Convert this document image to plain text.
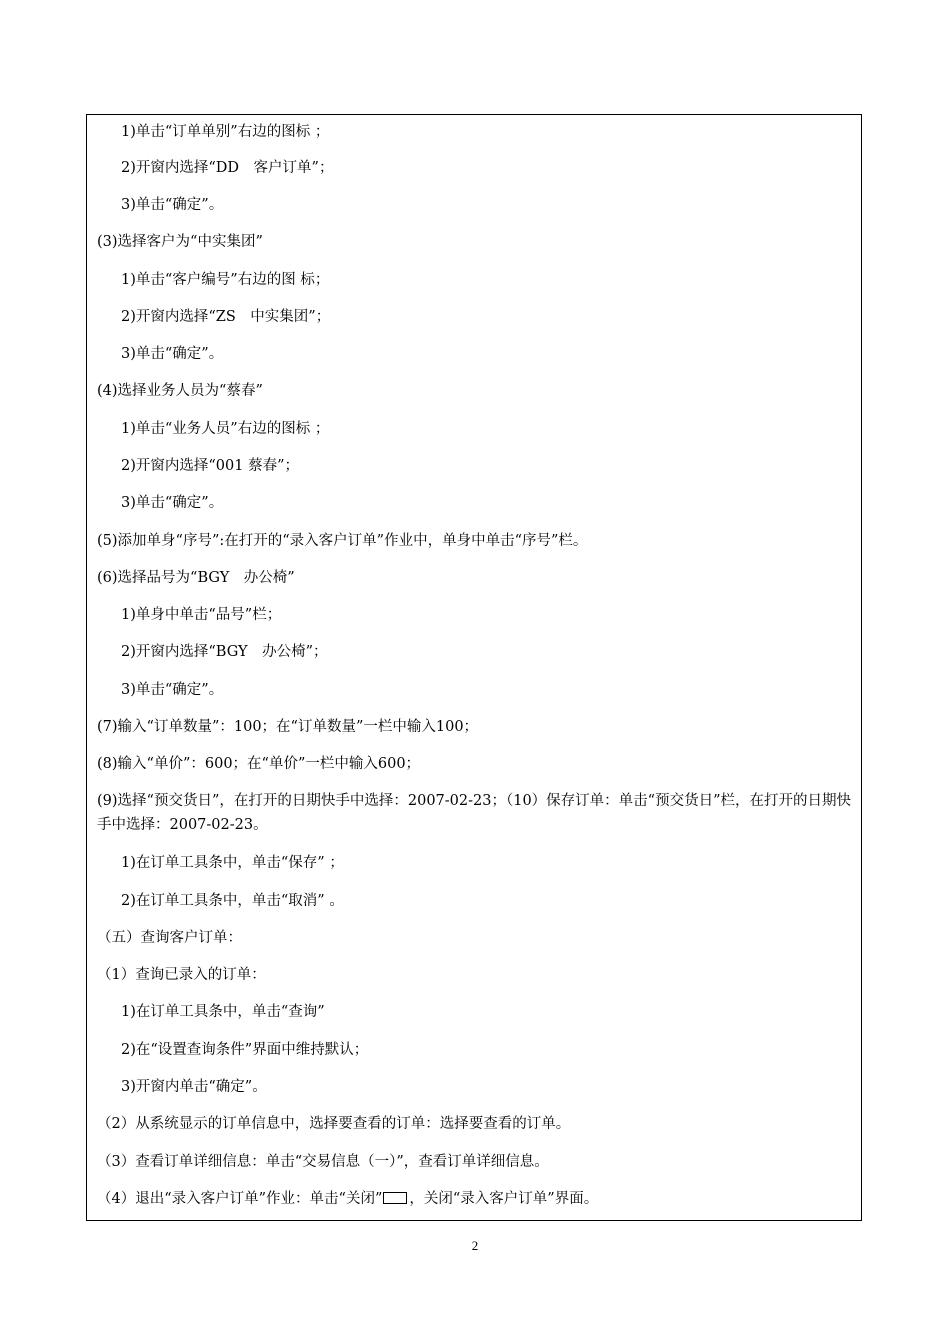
1)单击“订单单别”右边的图标 ；
2)开窗内选择“DD　客户订单”；
3)单击“确定”。
(3)选择客户为“中实集团”
1)单击“客户编号”右边的图 标；
2)开窗内选择“ZS　中实集团”；
3)单击“确定”。
(4)选择业务人员为“蔡春”
1)单击“业务人员”右边的图标 ；
2)开窗内选择“001 蔡春”；
3)单击“确定”。
(5)添加单身“序号”:在打开的“录入客户订单”作业中，单身中单击“序号”栏。
(6)选择品号为“BGY　办公椅”
1)单身中单击“品号”栏；
2)开窗内选择“BGY　办公椅”；
3)单击“确定”。
(7)输入“订单数量”：100；在“订单数量”一栏中输入100；
(8)输入“单价”：600；在“单价”一栏中输入600；
(9)选择“预交货日”，在打开的日期快手中选择：2007-02-23；（10）保存订单：单击“预交货日”栏，在打开的日期快手中选择：2007-02-23。
1)在订单工具条中，单击“保存” ；
2)在订单工具条中，单击“取消” 。
（五）查询客户订单：
（1）查询已录入的订单：
1)在订单工具条中，单击“查询”
2)在“设置查询条件”界面中维持默认；
3)开窗内单击“确定”。
（2）从系统显示的订单信息中，选择要查看的订单：选择要查看的订单。
（3）查看订单详细信息：单击“交易信息（一）”，查看订单详细信息。
（4）退出“录入客户订单”作业：单击“关闭” ，关闭“录入客户订单”界面。
2
